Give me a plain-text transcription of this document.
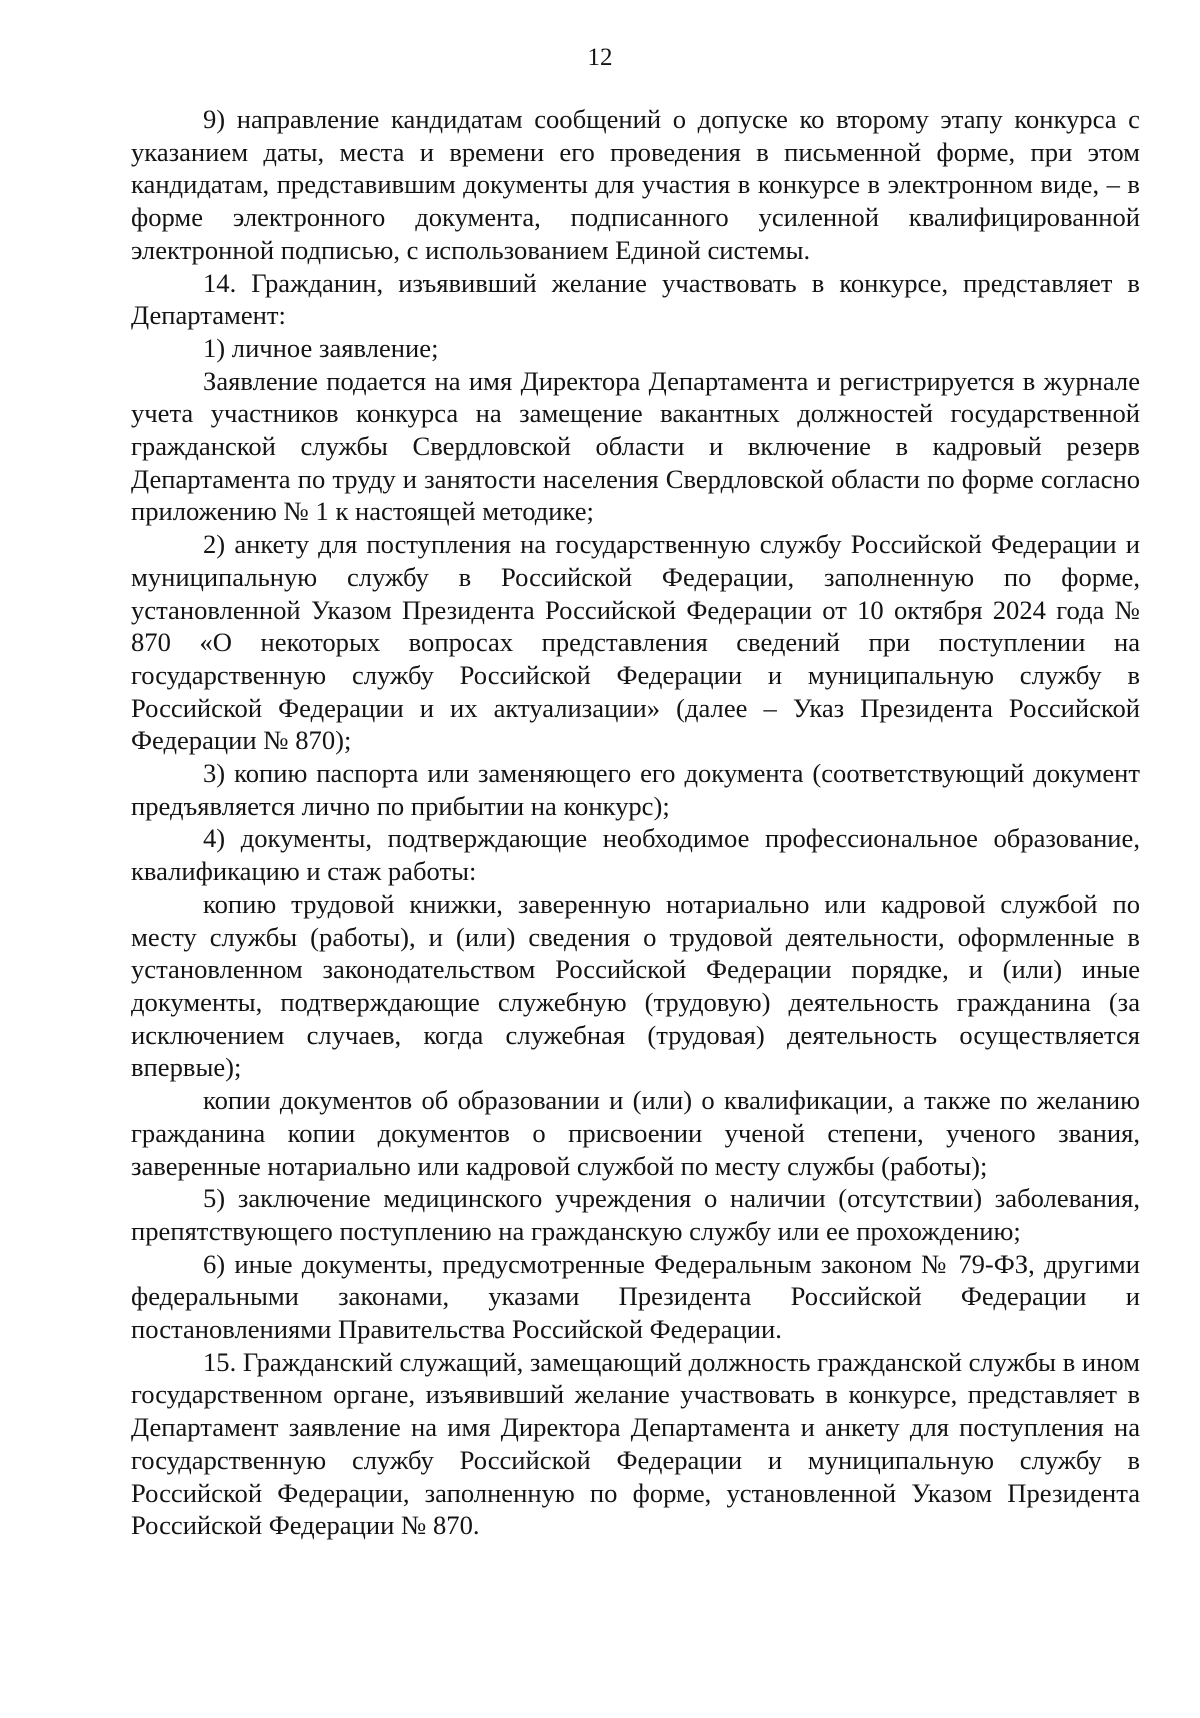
12

9) направление кандидатам сообщений о допуске ко второму этапу конкурса с указанием даты, места и времени его проведения в письменной форме, при этом кандидатам, представившим документы для участия в конкурсе в электронном виде, – в форме электронного документа, подписанного усиленной квалифицированной электронной подписью, с использованием Единой системы.

14. Гражданин, изъявивший желание участвовать в конкурсе, представляет в Департамент:

1) личное заявление;

Заявление подается на имя Директора Департамента и регистрируется в журнале учета участников конкурса на замещение вакантных должностей государственной гражданской службы Свердловской области и включение в кадровый резерв Департамента по труду и занятости населения Свердловской области по форме согласно приложению № 1 к настоящей методике;

2) анкету для поступления на государственную службу Российской Федерации и муниципальную службу в Российской Федерации, заполненную по форме, установленной Указом Президента Российской Федерации от 10 октября 2024 года № 870 «О некоторых вопросах представления сведений при поступлении на государственную службу Российской Федерации и муниципальную службу в Российской Федерации и их актуализации» (далее – Указ Президента Российской Федерации № 870);

3) копию паспорта или заменяющего его документа (соответствующий документ предъявляется лично по прибытии на конкурс);

4) документы, подтверждающие необходимое профессиональное образование, квалификацию и стаж работы:

копию трудовой книжки, заверенную нотариально или кадровой службой по месту службы (работы), и (или) сведения о трудовой деятельности, оформленные в установленном законодательством Российской Федерации порядке, и (или) иные документы, подтверждающие служебную (трудовую) деятельность гражданина (за исключением случаев, когда служебная (трудовая) деятельность осуществляется впервые);

копии документов об образовании и (или) о квалификации, а также по желанию гражданина копии документов о присвоении ученой степени, ученого звания, заверенные нотариально или кадровой службой по месту службы (работы);

5) заключение медицинского учреждения о наличии (отсутствии) заболевания, препятствующего поступлению на гражданскую службу или ее прохождению;

6) иные документы, предусмотренные Федеральным законом № 79-ФЗ, другими федеральными законами, указами Президента Российской Федерации и постановлениями Правительства Российской Федерации.

15. Гражданский служащий, замещающий должность гражданской службы в ином государственном органе, изъявивший желание участвовать в конкурсе, представляет в Департамент заявление на имя Директора Департамента и анкету для поступления на государственную службу Российской Федерации и муниципальную службу в Российской Федерации, заполненную по форме, установленной Указом Президента Российской Федерации № 870.
